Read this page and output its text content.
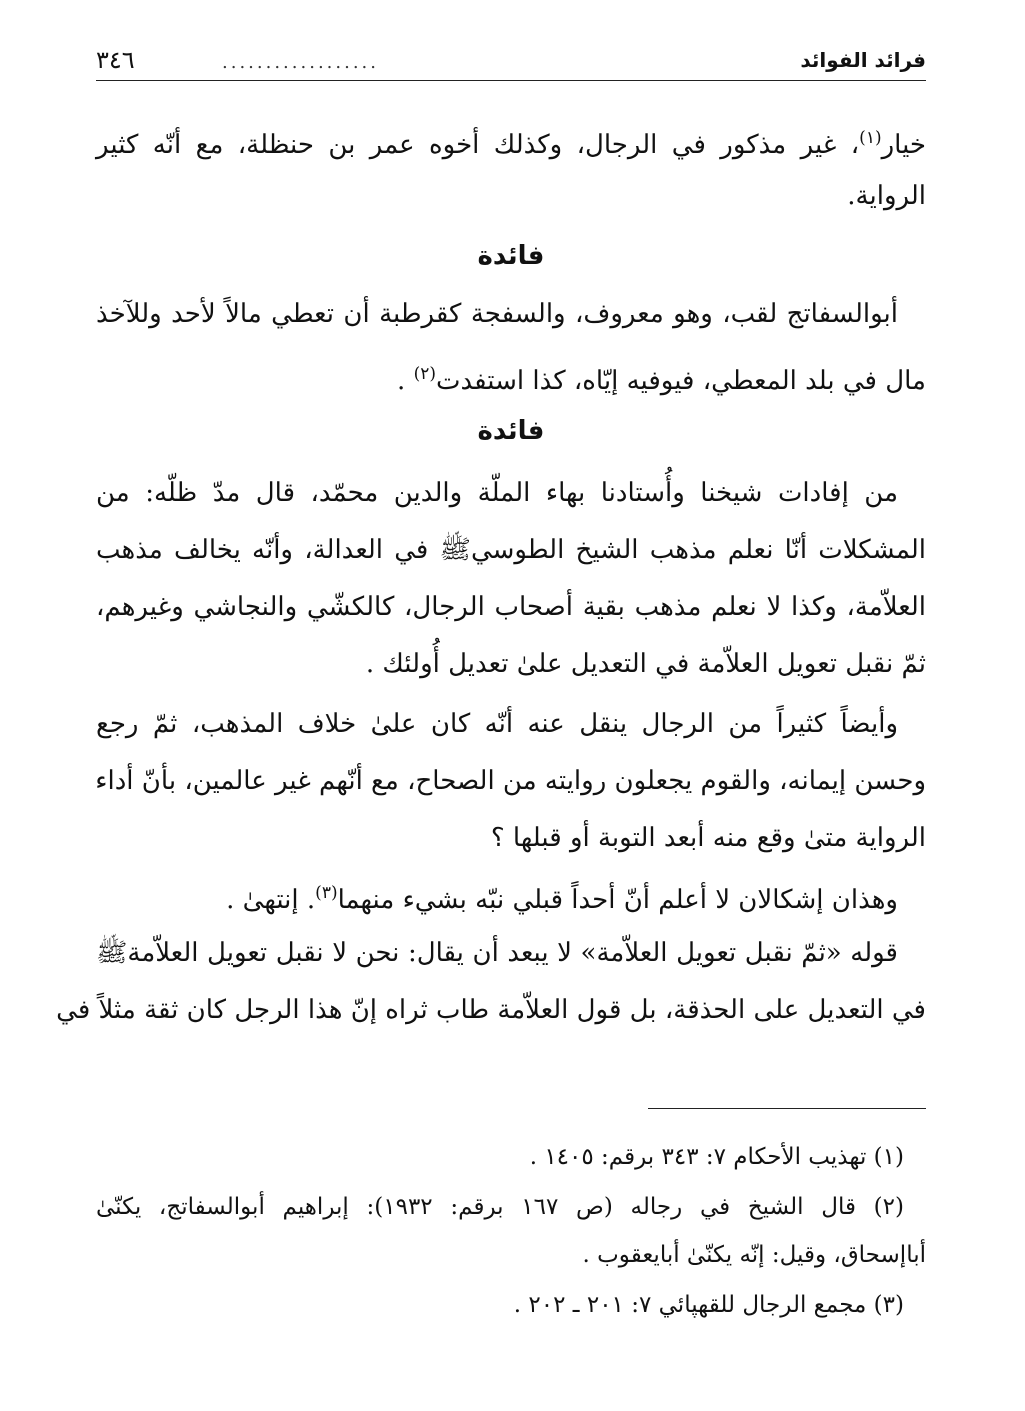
٣٤٦	فرائد الفوائد
..................
خيار$^{(١)}$، غير مذكور في الرجال، وكذلك أخوه عمر بن حنظلة، مع أنّه كثير
الرواية.
فائدة
أبوالسفاتج لقب، وهو معروف، والسفجة كقرطبة أن تعطي مالاً لأحد وللآخذ
مال في بلد المعطي، فيوفيه إيّاه، كذا استفدت$^{(٢)}$ .
فائدة
من إفادات شيخنا وأُستادنا بهاء الملّة والدين محمّد، قال مدّ ظلّه: من
المشكلات أنّا نعلم مذهب الشيخ الطوسيﷺ في العدالة، وأنّه يخالف مذهب
العلاّمة، وكذا لا نعلم مذهب بقية أصحاب الرجال، كالكشّي والنجاشي وغيرهم،
ثمّ نقبل تعويل العلاّمة في التعديل علىٰ تعديل أُولئك .
وأيضاً كثيراً من الرجال ينقل عنه أنّه كان علىٰ خلاف المذهب، ثمّ رجع
وحسن إيمانه، والقوم يجعلون روايته من الصحاح، مع أنّهم غير عالمين، بأنّ أداء
الرواية متىٰ وقع منه أبعد التوبة أو قبلها ؟
وهذان إشكالان لا أعلم أنّ أحداً قبلي نبّه بشيء منهما$^{(٣)}$. إنتهىٰ .
قوله «ثمّ نقبل تعويل العلاّمة» لا يبعد أن يقال: نحن لا نقبل تعويل العلاّمةﷺ
في التعديل على الحذقة، بل قول العلاّمة طاب ثراه إنّ هذا الرجل كان ثقة مثلاً في
(١) تهذيب الأحكام ٧: ٣٤٣ برقم: ١٤٠٥ .
(٢) قال الشيخ في رجاله (ص ١٦٧ برقم: ١٩٣٢): إبراهيم أبوالسفاتج، يكنّىٰ
أباإسحاق، وقيل: إنّه يكنّىٰ أبايعقوب .
(٣) مجمع الرجال للقهپائي ٧: ٢٠١ ـ ٢٠٢ .
